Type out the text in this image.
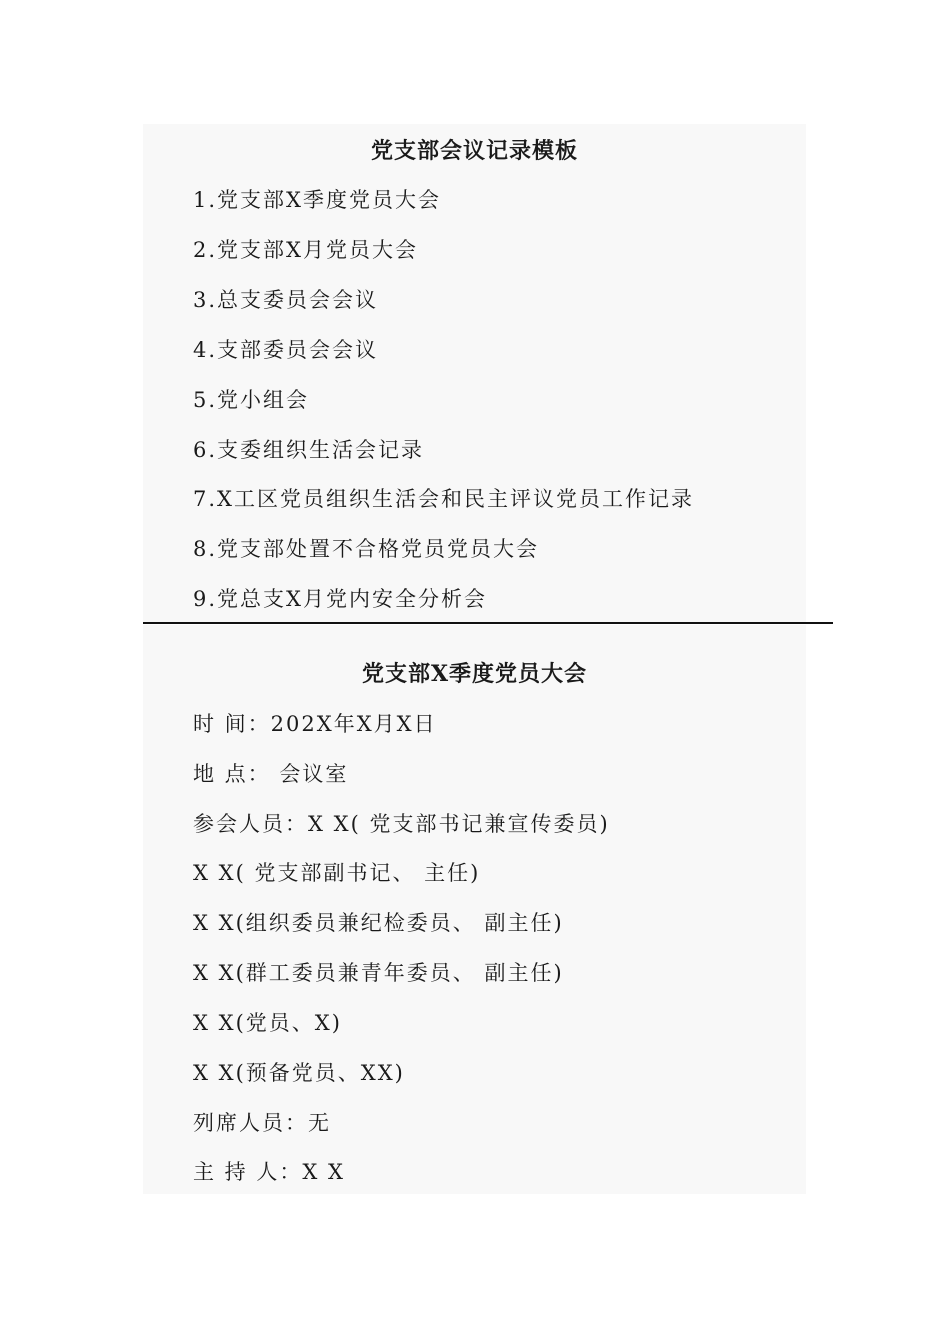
党支部会议记录模板
1.党支部X季度党员大会
2.党支部X月党员大会
3.总支委员会会议
4.支部委员会会议
5.党小组会
6.支委组织生活会记录
7.X工区党员组织生活会和民主评议党员工作记录
8.党支部处置不合格党员党员大会
9.党总支X月党内安全分析会
党支部X季度党员大会
时 间：202X年X月X日
地 点： 会议室
参会人员：X X( 党支部书记兼宣传委员)
X X( 党支部副书记、 主任)
X X(组织委员兼纪检委员、 副主任)
X X(群工委员兼青年委员、 副主任)
X X(党员、X)
X X(预备党员、XX)
列席人员：无
主 持 人：X X
